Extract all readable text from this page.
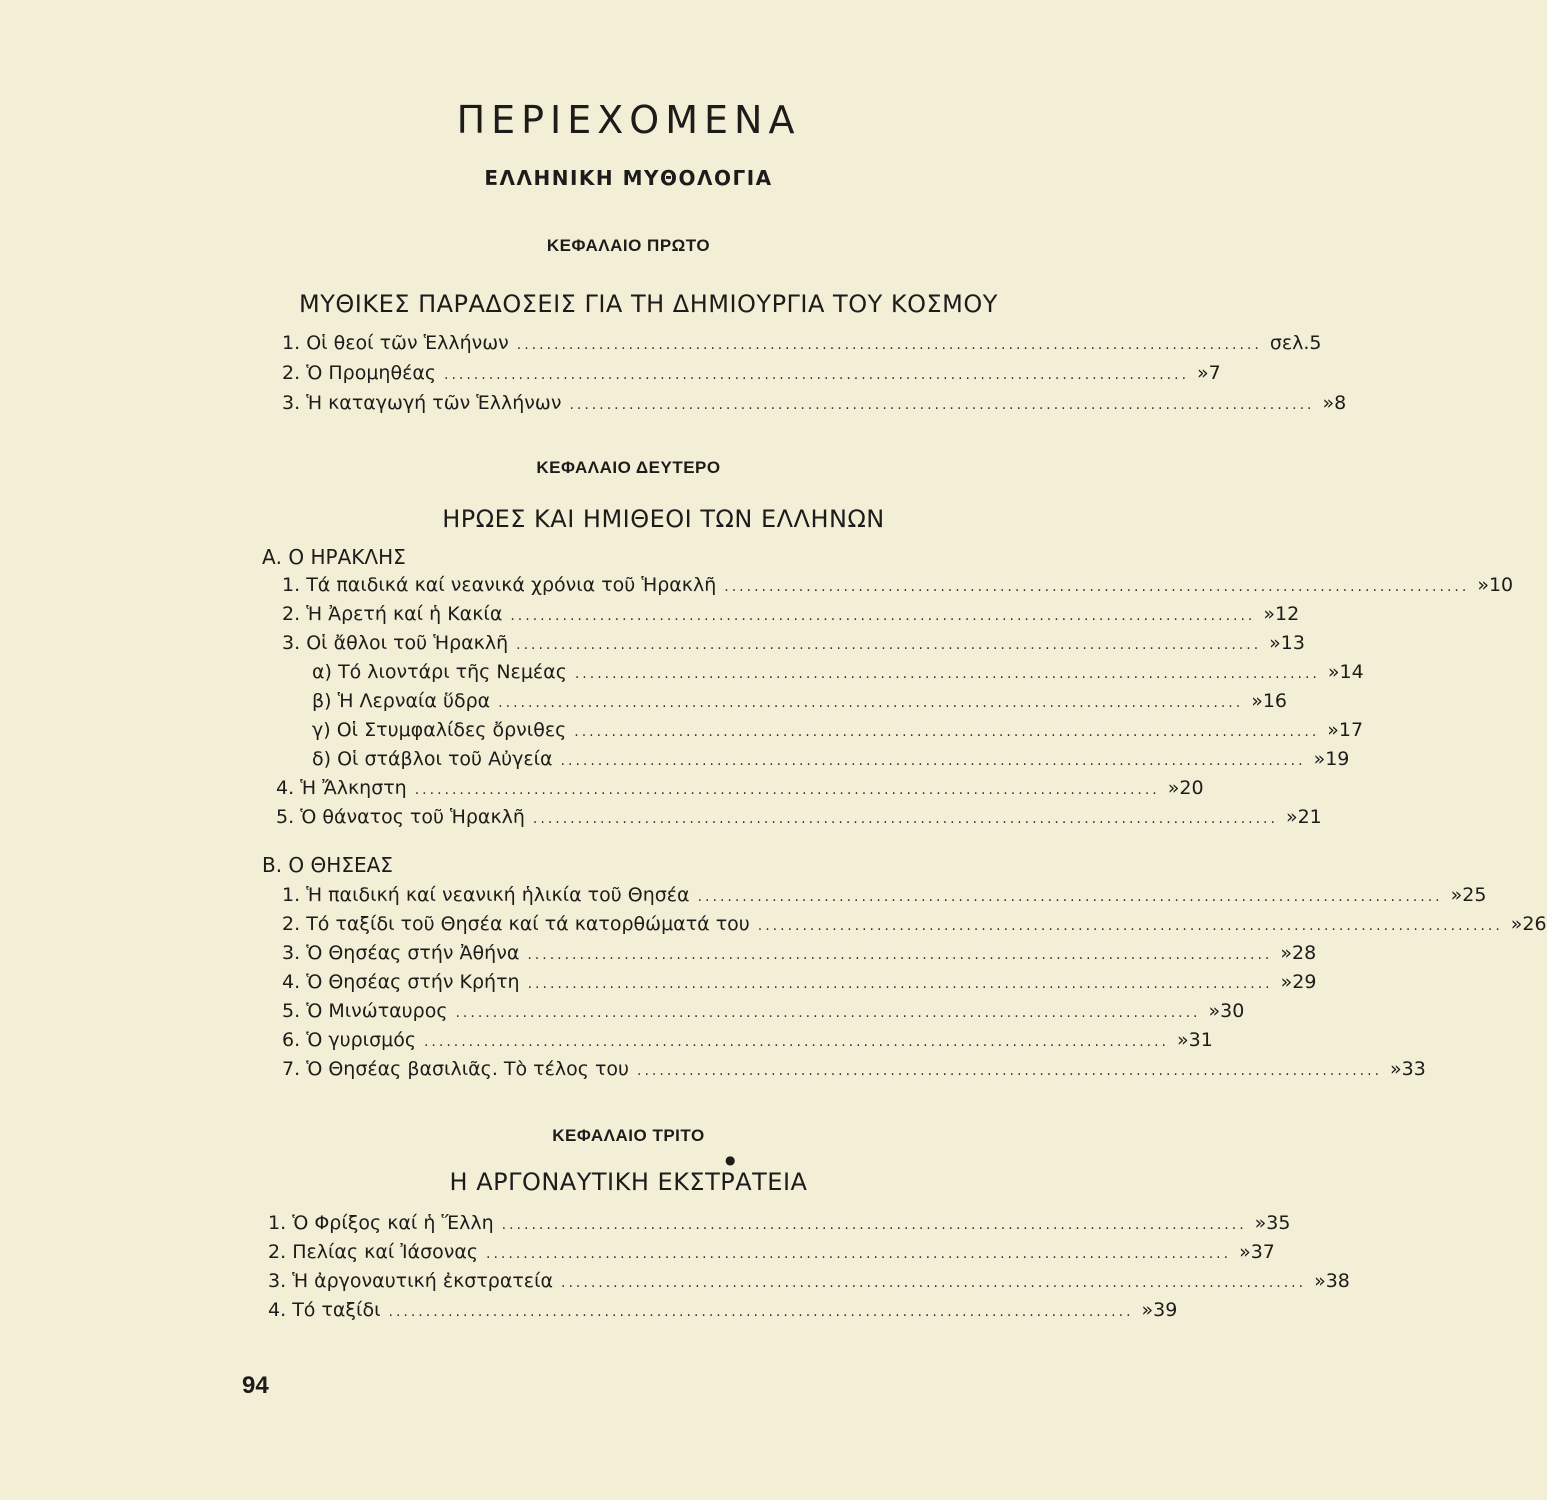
ΠΕΡΙΕΧΟΜΕΝΑ
ΕΛΛΗΝΙΚΗ ΜΥΘΟΛΟΓΙΑ
ΚΕΦΑΛΑΙΟ ΠΡΩΤΟ
ΜΥΘΙΚΕΣ ΠΑΡΑΔΟΣΕΙΣ ΓΙΑ ΤΗ ΔΗΜΙΟΥΡΓΙΑ ΤΟΥ ΚΟΣΜΟΥ
1.
Οἱ θεοί τῶν Ἑλλήνων .................................................................................................... σελ. 5
2.
Ὁ Προμηθέας .................................................................................................... » 7
3.
Ἡ καταγωγή τῶν Ἑλλήνων .................................................................................................... » 8
ΚΕΦΑΛΑΙΟ ΔΕΥΤΕΡΟ
ΗΡΩΕΣ ΚΑΙ ΗΜΙΘΕΟΙ ΤΩΝ ΕΛΛΗΝΩΝ
Α. Ο ΗΡΑΚΛΗΣ
1.
Τά παιδικά καί νεανικά χρόνια τοῦ Ἡρακλῆ .................................................................................................... » 10
2.
Ἡ Ἀρετή καί ἡ Κακία .................................................................................................... » 12
3.
Οἱ ἄθλοι τοῦ Ἡρακλῆ .................................................................................................... » 13
α)
Τό λιοντάρι τῆς Νεμέας .................................................................................................... » 14
β)
Ἡ Λερναία ὕδρα .................................................................................................... » 16
γ)
Οἱ Στυμφαλίδες ὄρνιθες .................................................................................................... » 17
δ)
Οἱ στάβλοι τοῦ Αὐγεία .................................................................................................... » 19
4.
Ἡ Ἄλκηστη .................................................................................................... » 20
5.
Ὁ θάνατος τοῦ Ἡρακλῆ .................................................................................................... » 21
Β. Ο ΘΗΣΕΑΣ
1.
Ἡ παιδική καί νεανική ἡλικία τοῦ Θησέα .................................................................................................... » 25
2.
Τό ταξίδι τοῦ Θησέα καί τά κατορθώματά του .................................................................................................... » 26
3.
Ὁ Θησέας στήν Ἀθήνα .................................................................................................... » 28
4.
Ὁ Θησέας στήν Κρήτη .................................................................................................... » 29
5.
Ὁ Μινώταυρος .................................................................................................... » 30
6.
Ὁ γυρισμός .................................................................................................... » 31
7.
Ὁ Θησέας βασιλιᾶς. Τὸ τέλος του .................................................................................................... » 33
ΚΕΦΑΛΑΙΟ ΤΡΙΤΟ
●
Η ΑΡΓΟΝΑΥΤΙΚΗ ΕΚΣΤΡΑΤΕΙΑ
1.
Ὁ Φρίξος καί ἡ Ἕλλη .................................................................................................... » 35
2.
Πελίας καί Ἰάσονας .................................................................................................... » 37
3.
Ἡ ἀργοναυτική ἐκστρατεία .................................................................................................... » 38
4.
Τό ταξίδι .................................................................................................... » 39
94
